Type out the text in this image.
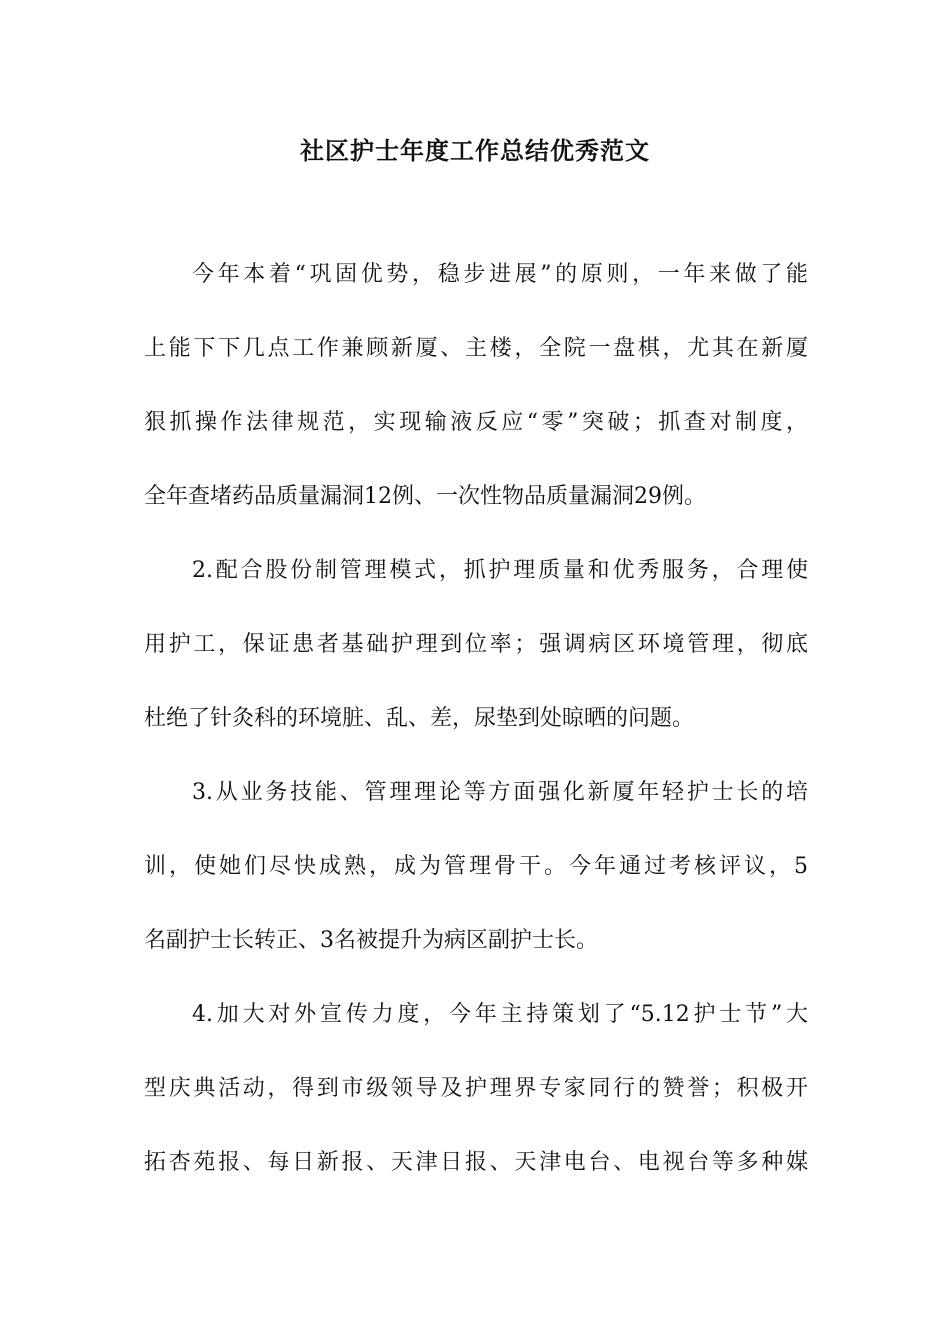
社区护士年度工作总结优秀范文
今年本着“巩固优势，稳步进展”的原则，一年来做了能
上能下下几点工作兼顾新厦、主楼，全院一盘棋，尤其在新厦
狠抓操作法律规范，实现输液反应“零”突破；抓查对制度，
全年查堵药品质量漏洞12例、一次性物品质量漏洞29例。
2.配合股份制管理模式，抓护理质量和优秀服务，合理使
用护工，保证患者基础护理到位率；强调病区环境管理，彻底
杜绝了针灸科的环境脏、乱、差，尿垫到处晾晒的问题。
3.从业务技能、管理理论等方面强化新厦年轻护士长的培
训，使她们尽快成熟，成为管理骨干。今年通过考核评议，5
名副护士长转正、3名被提升为病区副护士长。
4.加大对外宣传力度，今年主持策划了“5.12护士节”大
型庆典活动，得到市级领导及护理界专家同行的赞誉；积极开
拓杏苑报、每日新报、天津日报、天津电台、电视台等多种媒
